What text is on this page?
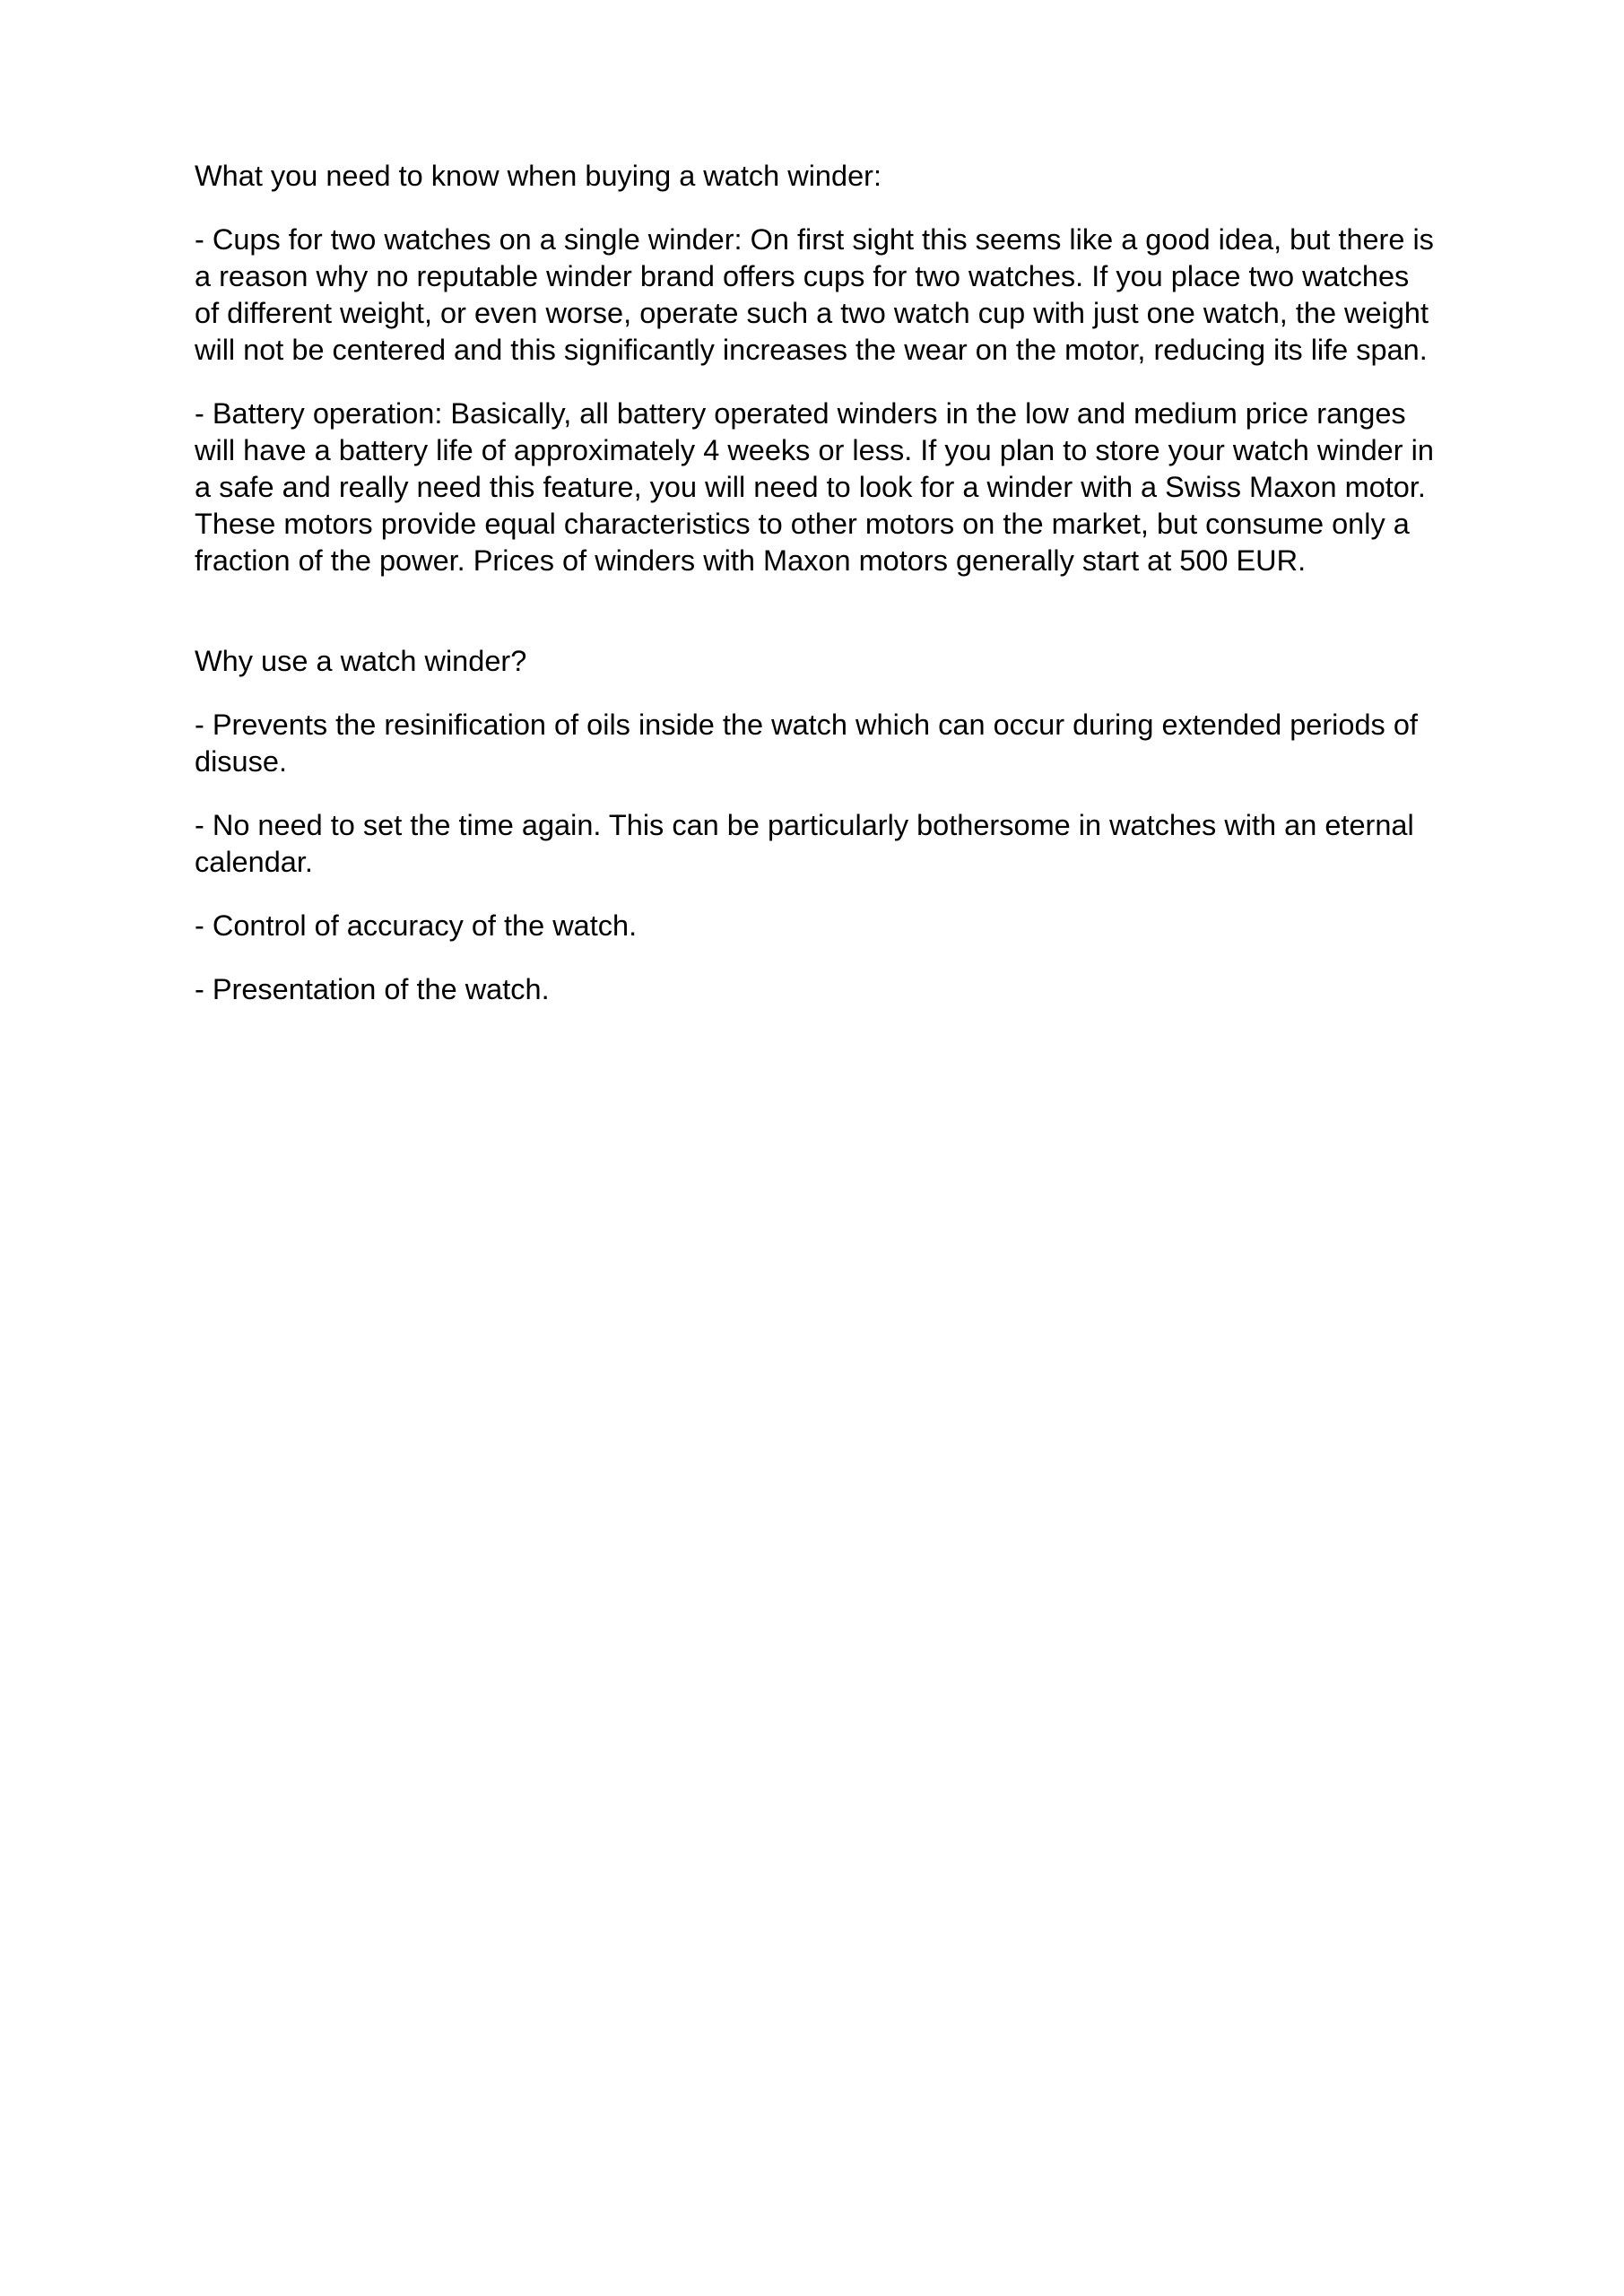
What you need to know when buying a watch winder:

- Cups for two watches on a single winder: On first sight this seems like a good idea, but there is a reason why no reputable winder brand offers cups for two watches. If you place two watches of different weight, or even worse, operate such a two watch cup with just one watch, the weight will not be centered and this significantly increases the wear on the motor, reducing its life span.

- Battery operation: Basically, all battery operated winders in the low and medium price ranges will have a battery life of approximately 4 weeks or less. If you plan to store your watch winder in a safe and really need this feature, you will need to look for a winder with a Swiss Maxon motor. These motors provide equal characteristics to other motors on the market, but consume only a fraction of the power. Prices of winders with Maxon motors generally start at 500 EUR.

Why use a watch winder?

- Prevents the resinification of oils inside the watch which can occur during extended periods of disuse.

- No need to set the time again. This can be particularly bothersome in watches with an eternal calendar.

- Control of accuracy of the watch.

- Presentation of the watch.
